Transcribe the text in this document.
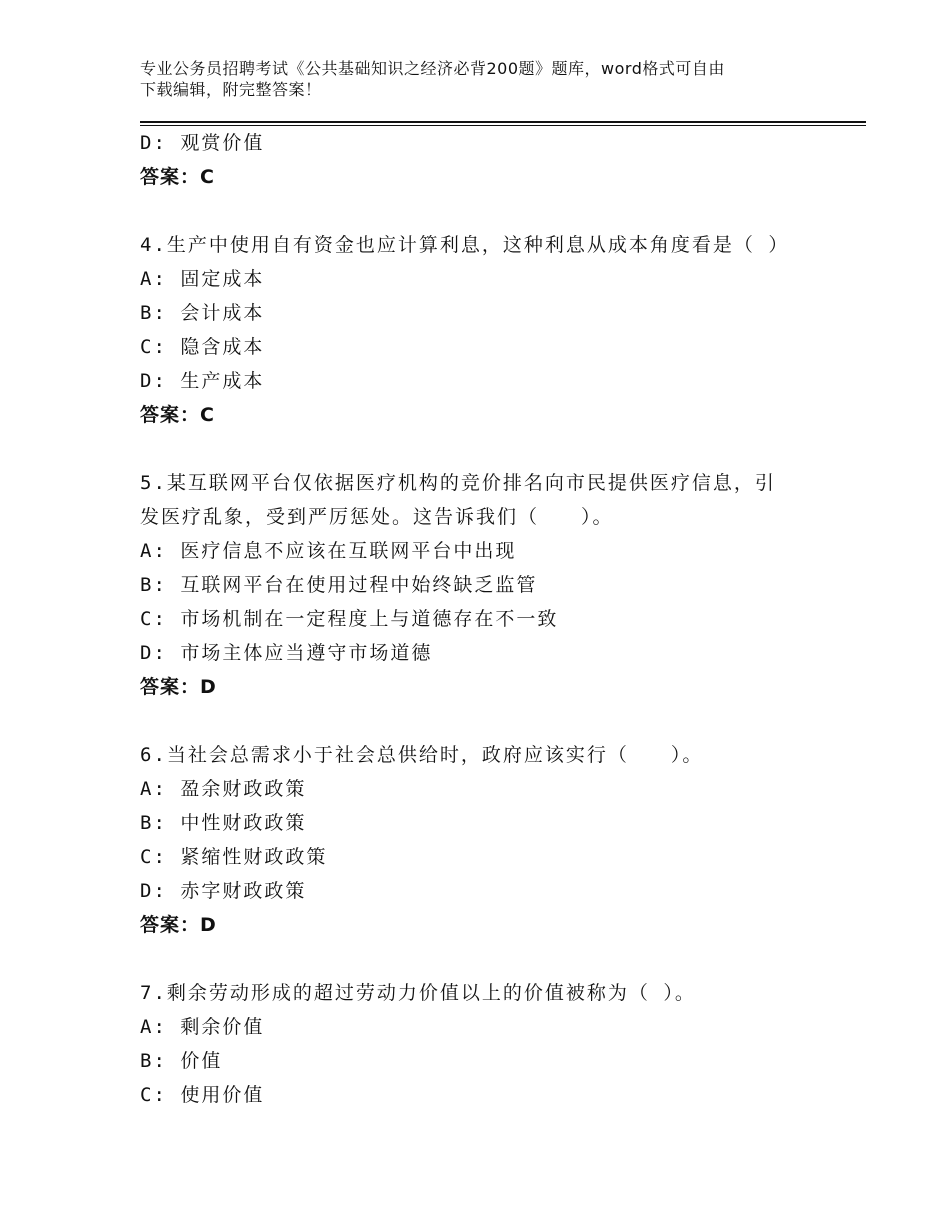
专业公务员招聘考试《公共基础知识之经济必背200题》题库，word格式可自由
下载编辑，附完整答案！
D: 观赏价值
答案：C
4.生产中使用自有资金也应计算利息，这种利息从成本角度看是（ ）
A: 固定成本
B: 会计成本
C: 隐含成本
D: 生产成本
答案：C
5.某互联网平台仅依据医疗机构的竞价排名向市民提供医疗信息，引
发医疗乱象，受到严厉惩处。这告诉我们（　　）。
A: 医疗信息不应该在互联网平台中出现
B: 互联网平台在使用过程中始终缺乏监管
C: 市场机制在一定程度上与道德存在不一致
D: 市场主体应当遵守市场道德
答案：D
6.当社会总需求小于社会总供给时，政府应该实行（　　）。
A: 盈余财政政策
B: 中性财政政策
C: 紧缩性财政政策
D: 赤字财政政策
答案：D
7.剩余劳动形成的超过劳动力价值以上的价值被称为（ ）。
A: 剩余价值
B: 价值
C: 使用价值
